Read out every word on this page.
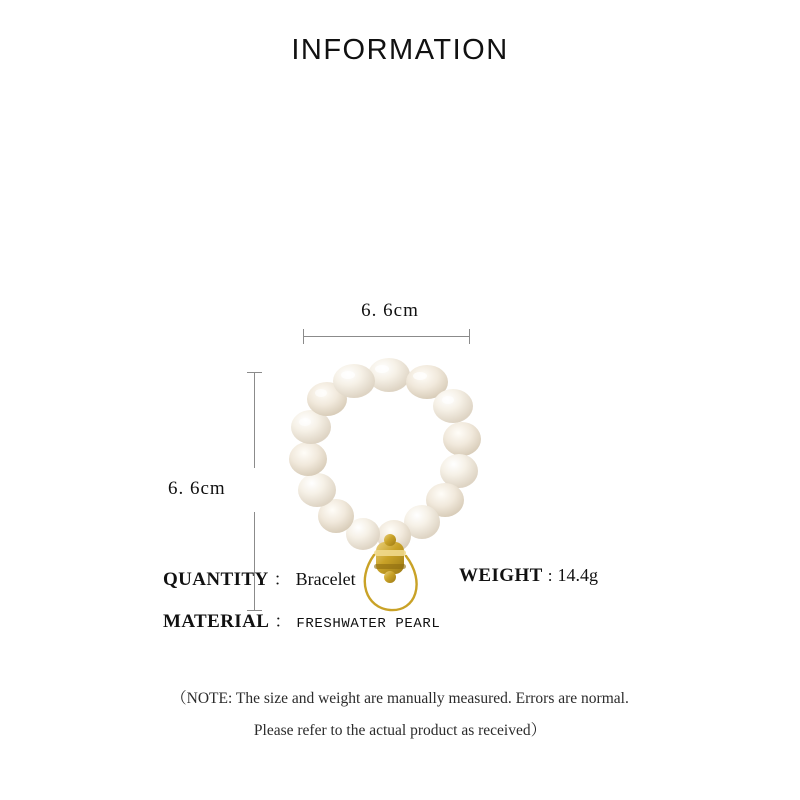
INFORMATION
6. 6cm
6. 6cm
QUANTITY ： Bracelet	WEIGHT : 14.4g
MATERIAL ： FRESHWATER PEARL
（NOTE: The size and weight are manually measured. Errors are normal.
Please refer to the actual product as received）
